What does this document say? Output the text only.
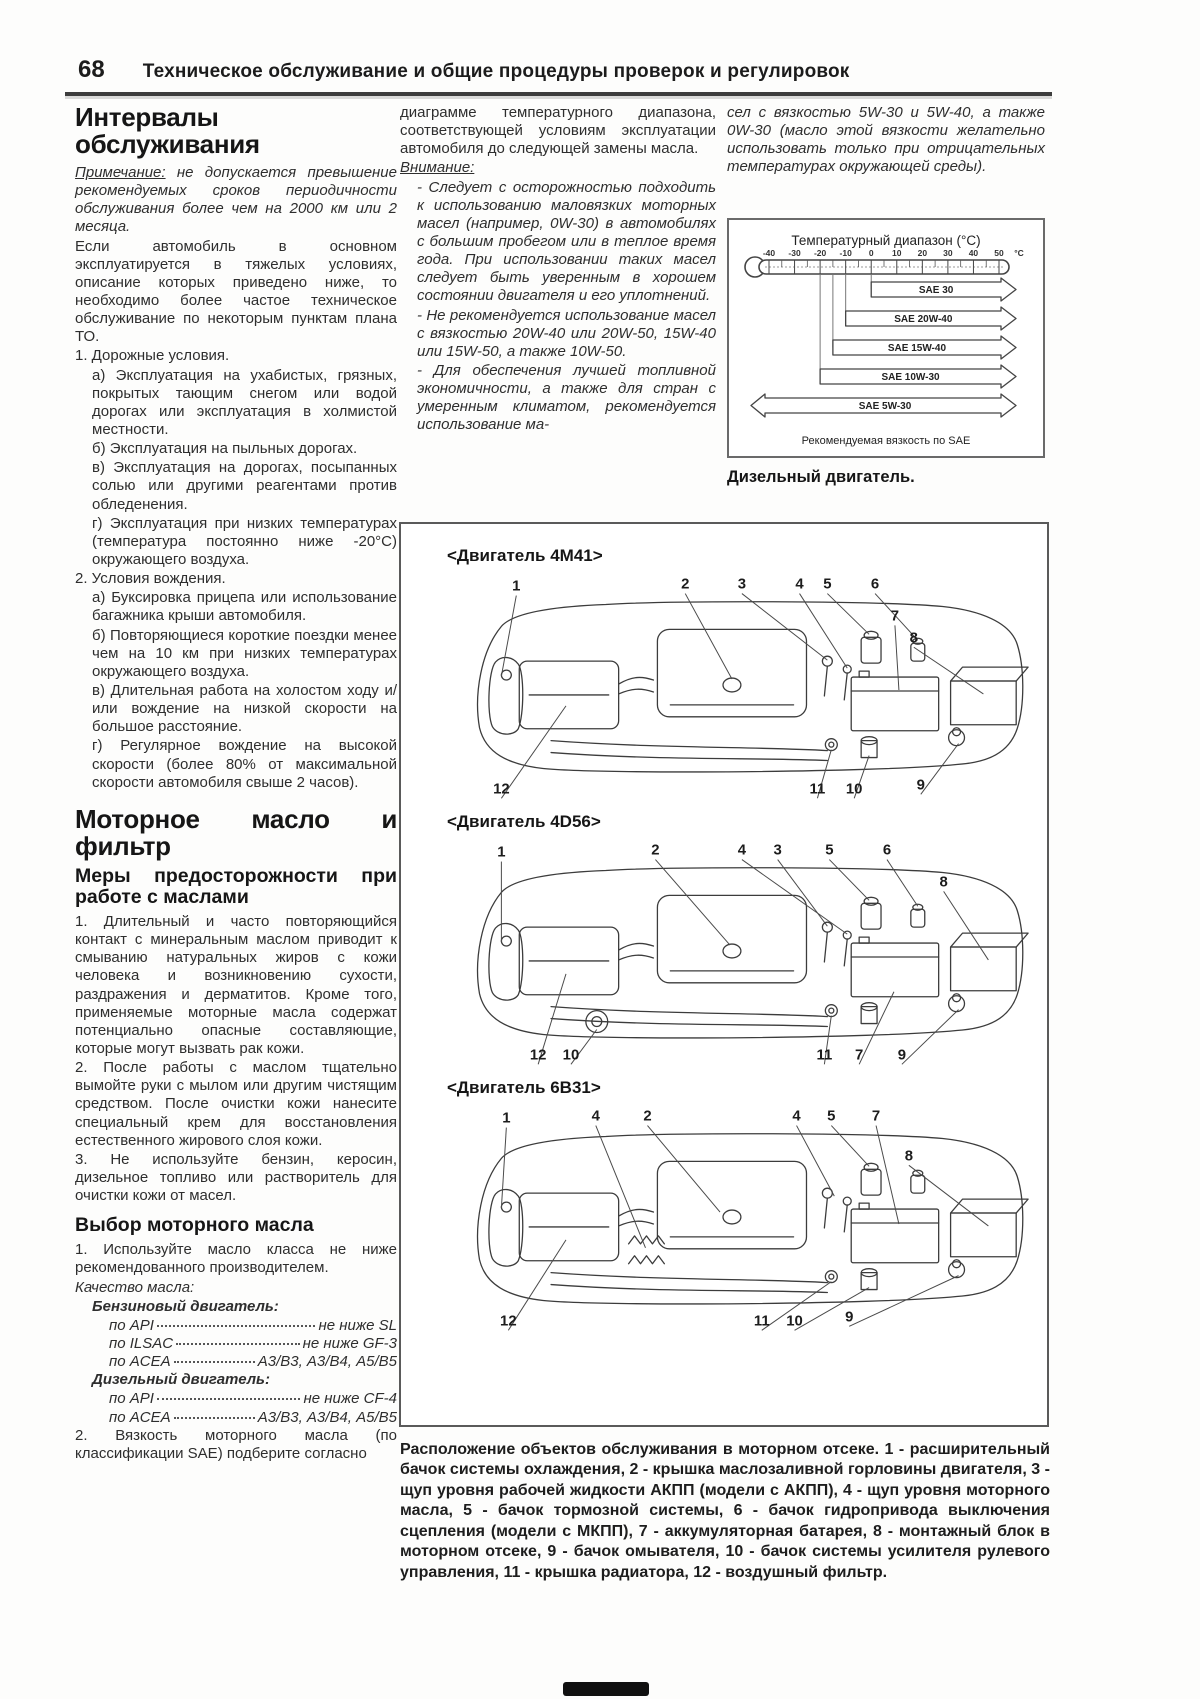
68 Техническое обслуживание и общие процедуры проверок и регулировок
Интервалы обслуживания

Примечание: не допускается превышение рекомендуемых сроков периодичности обслуживания более чем на 2000 км или 2 месяца.

Если автомобиль в основном эксплуатируется в тяжелых условиях, описание которых приведено ниже, то необходимо более частое техническое обслуживание по некоторым пунктам плана ТО.

1. Дорожные условия.

а) Эксплуатация на ухабистых, грязных, покрытых тающим снегом или водой дорогах или эксплуатация в холмистой местности.

б) Эксплуатация на пыльных дорогах.

в) Эксплуатация на дорогах, посыпанных солью или другими реагентами против обледенения.

г) Эксплуатация при низких температурах (температура постоянно ниже -20°С) окружающего воздуха.

2. Условия вождения.

а) Буксировка прицепа или использование багажника крыши автомобиля.

б) Повторяющиеся короткие поездки менее чем на 10 км при низких температурах окружающего воздуха.

в) Длительная работа на холостом ходу и/или вождение на низкой скорости на большое расстояние.

г) Регулярное вождение на высокой скорости (более 80% от максимальной скорости автомобиля свыше 2 часов).

Моторное масло и фильтр
Меры предосторожности при работе с маслами

1. Длительный и часто повторяющийся контакт с минеральным маслом приводит к смыванию натуральных жиров с кожи человека и возникновению сухости, раздражения и дерматитов. Кроме того, применяемые моторные масла содержат потенциально опасные составляющие, которые могут вызвать рак кожи.

2. После работы с маслом тщательно вымойте руки с мылом или другим чистящим средством. После очистки кожи нанесите специальный крем для восстановления естественного жирового слоя кожи.

3. Не используйте бензин, керосин, дизельное топливо или растворитель для очистки кожи от масел.

Выбор моторного масла

1. Используйте масло класса не ниже рекомендованного производителем.

Качество масла:

Бензиновый двигатель:

по API	не ниже SL
по ILSAC	не ниже GF-3
по ACEA	А3/В3, А3/В4, А5/В5

Дизельный двигатель:

по API	не ниже CF-4
по ACEA	А3/В3, А3/В4, А5/В5

2. Вязкость моторного масла (по классификации SAE) подберите согласно

диаграмме температурного диапазона, соответствующей условиям эксплуатации автомобиля до следующей замены масла.

Внимание:

- Следует с осторожностью подходить к использованию маловязких моторных масел (например, 0W-30) в автомобилях с большим пробегом или в теплое время года. При использовании таких масел следует быть уверенным в хорошем состоянии двигателя и его уплотнений.

- Не рекомендуется использование масел с вязкостью 20W-40 или 20W-50, 15W-40 или 15W-50, а также 10W-50.

- Для обеспечения лучшей топливной экономичности, а также для стран с умеренным климатом, рекомендуется использование ма-

сел с вязкостью 5W-30 и 5W-40, а также 0W-30 (масло этой вязкости желательно использовать только при отрицательных температурах окружающей среды).

Температурный диапазон (°С)
-40 -30 -20 -10 0 10 20 30 40 50 °С
SAE 30
SAE 20W-40
SAE 15W-40
SAE 10W-30
SAE 5W-30
Рекомендуемая вязкость по SAE
Дизельный двигатель.
<Двигатель 4М41>
1	2	3	4 5	6
7
8
12	11 10	9
<Двигатель 4D56>
1	2	4 3	5	6
8
12 10	11 7 9
<Двигатель 6В31>
1	4	2	4 5 7
8
12	11 10	9
Расположение объектов обслуживания в моторном отсеке. 1 - расширительный бачок системы охлаждения, 2 - крышка маслозаливной горловины двигателя, 3 - щуп уровня рабочей жидкости АКПП (модели с АКПП), 4 - щуп уровня моторного масла, 5 - бачок тормозной системы, 6 - бачок гидропривода выключения сцепления (модели с МКПП), 7 - аккумуляторная батарея, 8 - монтажный блок в моторном отсеке, 9 - бачок омывателя, 10 - бачок системы усилителя рулевого управления, 11 - крышка радиатора, 12 - воздушный фильтр.
